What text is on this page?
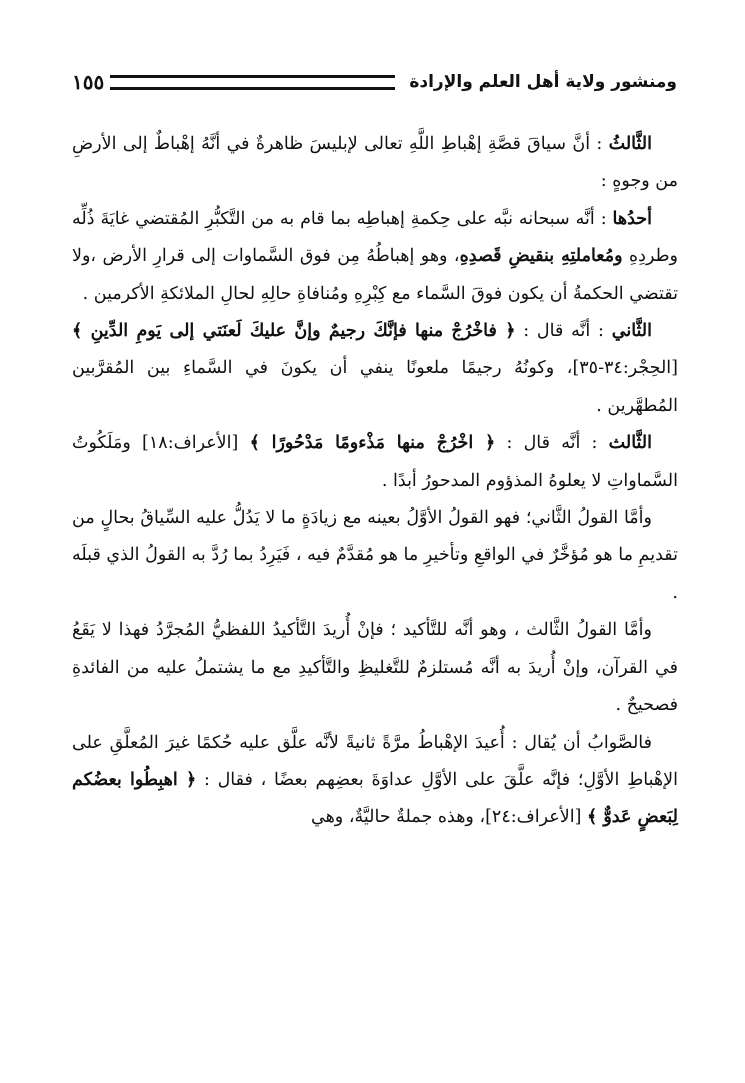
ومنشور ولاية أهل العلم والإرادة
١٥٥

الثَّالثُ : أنَّ سياقَ قصَّةِ إهْباطِ اللَّهِ تعالى لإبليسَ ظاهرةٌ في أنَّهُ إهْباطٌ إلى الأرضِ من وجوهٍ :

أحدُها : أنَّه سبحانه نبَّه على حِكمةِ إهباطِه بما قام به من التَّكبُّرِ المُقتضي غايَةَ ذُلِّه وطردِهِ ومُعاملتِهِ بنقيضِ قَصدِهِ، وهو إهباطُهُ مِن فوق السَّماوات إلى قرارِ الأرض ،ولا تقتضي الحكمةُ أن يكون فوقَ السَّماء مع كِبْرِهِ ومُنافاةِ حالِهِ لحالِ الملائكةِ الأكرمين .

الثَّاني : أنَّه قال : ﴿ فاخْرُجْ منها فإنَّكَ رجيمٌ وإنَّ عليكَ لَعنَتي إلى يَومِ الدِّينِ ﴾ [الحِجْر:٣٤-٣٥]، وكونُهُ رجيمًا ملعونًا ينفي أن يكونَ في السَّماءِ بين المُقرَّبين المُطهَّرين .

الثَّالث : أنَّه قال : ﴿ اخْرُجْ منها مَذْءومًا مَدْحُورًا ﴾ [الأعراف:١٨] ومَلَكُوتُ السَّماواتِ لا يعلوهُ المذؤوم المدحورُ أبدًا .

وأمَّا القولُ الثَّاني؛ فهو القولُ الأوَّلُ بعينه مع زيادَةٍ ما لا يَدُلُّ عليه السِّياقُ بحالٍ من تقديمِ ما هو مُؤخَّرٌ في الواقعِ وتأخيرِ ما هو مُقدَّمٌ فيه ، فَيَرِدُ بما رُدَّ به القولُ الذي قبلَه .

وأمَّا القولُ الثَّالث ، وهو أنَّه للتَّأكيد ؛ فإنْ أُريدَ التَّأكيدُ اللفظيُّ المُجرَّدُ فهذا لا يَقَعُ في القرآن، وإنْ أُريدَ به أنَّه مُستلزمٌ للتَّغليظِ والتَّأكيدِ مع ما يشتملُ عليه من الفائدةِ فصحيحٌ .

فالصَّوابُ أن يُقال : أُعيدَ الإهْباطُ مرَّةً ثانيةً لأنَّه علَّق عليه حُكمًا غيرَ المُعلَّقِ على الإهْباطِ الأوَّلِ؛ فإنَّه علَّقَ على الأوَّلِ عداوَةَ بعضِهم بعضًا ، فقال : ﴿ اهبِطُوا بعضُكم لِبَعضٍ عَدوٌّ ﴾ [الأعراف:٢٤]، وهذه جملةٌ حاليَّةٌ، وهي
